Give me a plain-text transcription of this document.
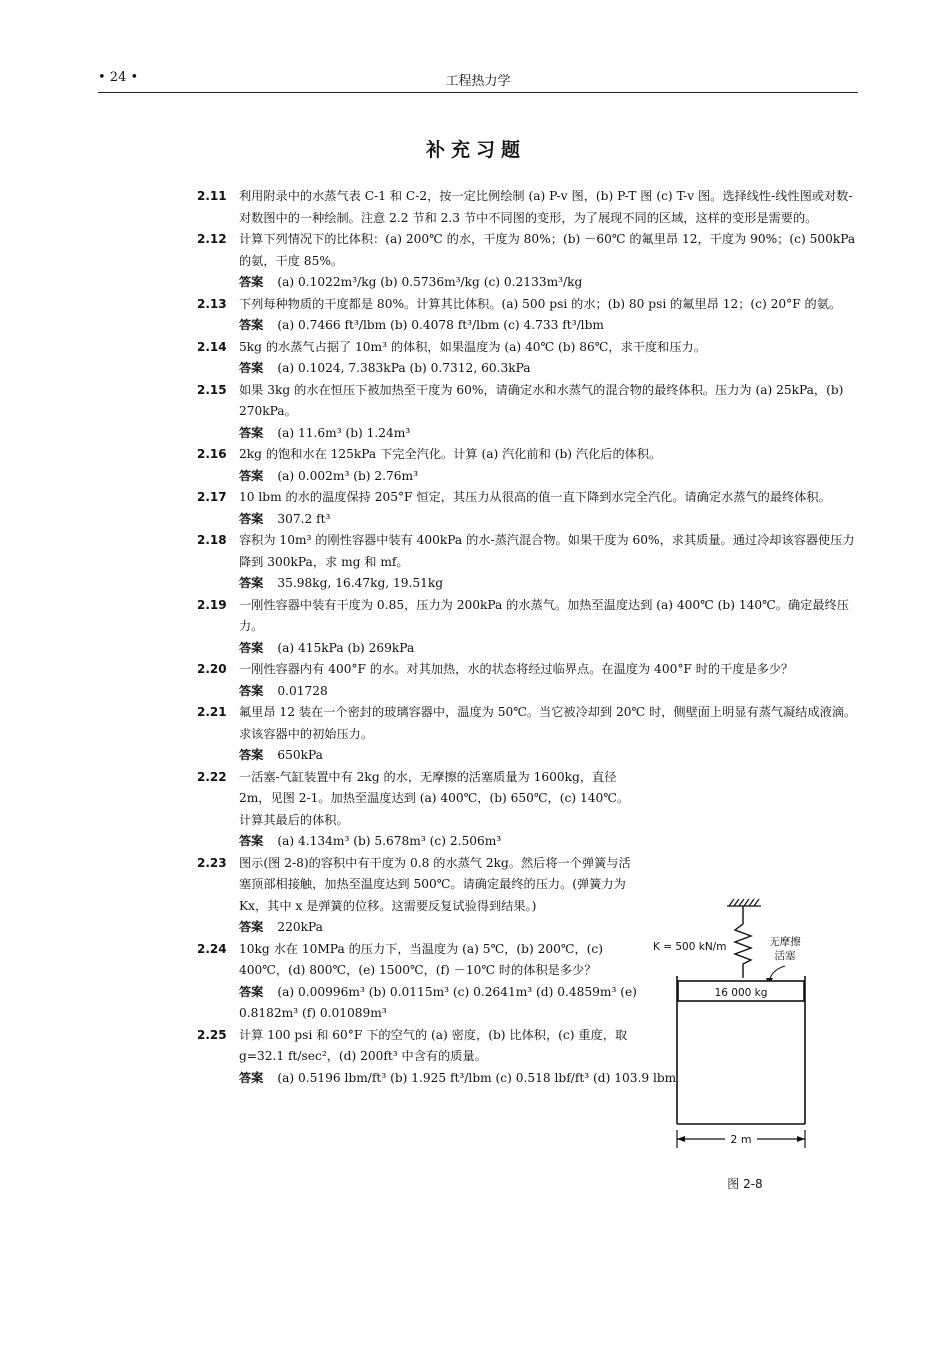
• 24 •	工程热力学
补充习题
2.11 利用附录中的水蒸气表 C-1 和 C-2，按一定比例绘制 (a) P-v 图，(b) P-T 图 (c) T-v 图。选择线性-线性图或对数-对数图中的一种绘制。注意 2.2 节和 2.3 节中不同图的变形，为了展现不同的区域，这样的变形是需要的。
2.12 计算下列情况下的比体积：(a) 200℃ 的水，干度为 80%；(b) －60℃ 的氟里昂 12，干度为 90%；(c) 500kPa 的氨，干度 85%。
答案 (a) 0.1022m³/kg (b) 0.5736m³/kg (c) 0.2133m³/kg
2.13 下列每种物质的干度都是 80%。计算其比体积。(a) 500 psi 的水；(b) 80 psi 的氟里昂 12；(c) 20°F 的氨。
答案 (a) 0.7466 ft³/lbm (b) 0.4078 ft³/lbm (c) 4.733 ft³/lbm
2.14 5kg 的水蒸气占据了 10m³ 的体积，如果温度为 (a) 40℃ (b) 86℃，求干度和压力。
答案 (a) 0.1024, 7.383kPa (b) 0.7312, 60.3kPa
2.15 如果 3kg 的水在恒压下被加热至干度为 60%，请确定水和水蒸气的混合物的最终体积。压力为 (a) 25kPa，(b) 270kPa。
答案 (a) 11.6m³ (b) 1.24m³
2.16 2kg 的饱和水在 125kPa 下完全汽化。计算 (a) 汽化前和 (b) 汽化后的体积。
答案 (a) 0.002m³ (b) 2.76m³
2.17 10 lbm 的水的温度保持 205°F 恒定，其压力从很高的值一直下降到水完全汽化。请确定水蒸气的最终体积。
答案 307.2 ft³
2.18 容积为 10m³ 的刚性容器中装有 400kPa 的水-蒸汽混合物。如果干度为 60%，求其质量。通过冷却该容器使压力降到 300kPa，求 mg 和 mf。
答案 35.98kg, 16.47kg, 19.51kg
2.19 一刚性容器中装有干度为 0.85，压力为 200kPa 的水蒸气。加热至温度达到 (a) 400℃ (b) 140℃。确定最终压力。
答案 (a) 415kPa (b) 269kPa
2.20 一刚性容器内有 400°F 的水。对其加热，水的状态将经过临界点。在温度为 400°F 时的干度是多少？
答案 0.01728
2.21 氟里昂 12 装在一个密封的玻璃容器中，温度为 50℃。当它被冷却到 20℃ 时，侧壁面上明显有蒸气凝结成液滴。求该容器中的初始压力。
答案 650kPa
2.22 一活塞-气缸装置中有 2kg 的水，无摩擦的活塞质量为 1600kg，直径 2m，见图 2-1。加热至温度达到 (a) 400℃，(b) 650℃，(c) 140℃。计算其最后的体积。
答案 (a) 4.134m³ (b) 5.678m³ (c) 2.506m³
2.23 图示(图 2-8)的容积中有干度为 0.8 的水蒸气 2kg。然后将一个弹簧与活塞顶部相接触，加热至温度达到 500℃。请确定最终的压力。(弹簧力为 Kx，其中 x 是弹簧的位移。这需要反复试验得到结果。)
答案 220kPa
2.24 10kg 水在 10MPa 的压力下，当温度为 (a) 5℃，(b) 200℃，(c) 400℃，(d) 800℃，(e) 1500℃，(f) －10℃ 时的体积是多少？
答案 (a) 0.00996m³ (b) 0.0115m³ (c) 0.2641m³ (d) 0.4859m³ (e) 0.8182m³ (f) 0.01089m³
2.25 计算 100 psi 和 60°F 下的空气的 (a) 密度，(b) 比体积，(c) 重度，取 g=32.1 ft/sec²，(d) 200ft³ 中含有的质量。
答案 (a) 0.5196 lbm/ft³ (b) 1.925 ft³/lbm (c) 0.518 lbf/ft³ (d) 103.9 lbm
K = 500 kN/m	无摩擦活塞
16 000 kg
2 m
图 2-8
